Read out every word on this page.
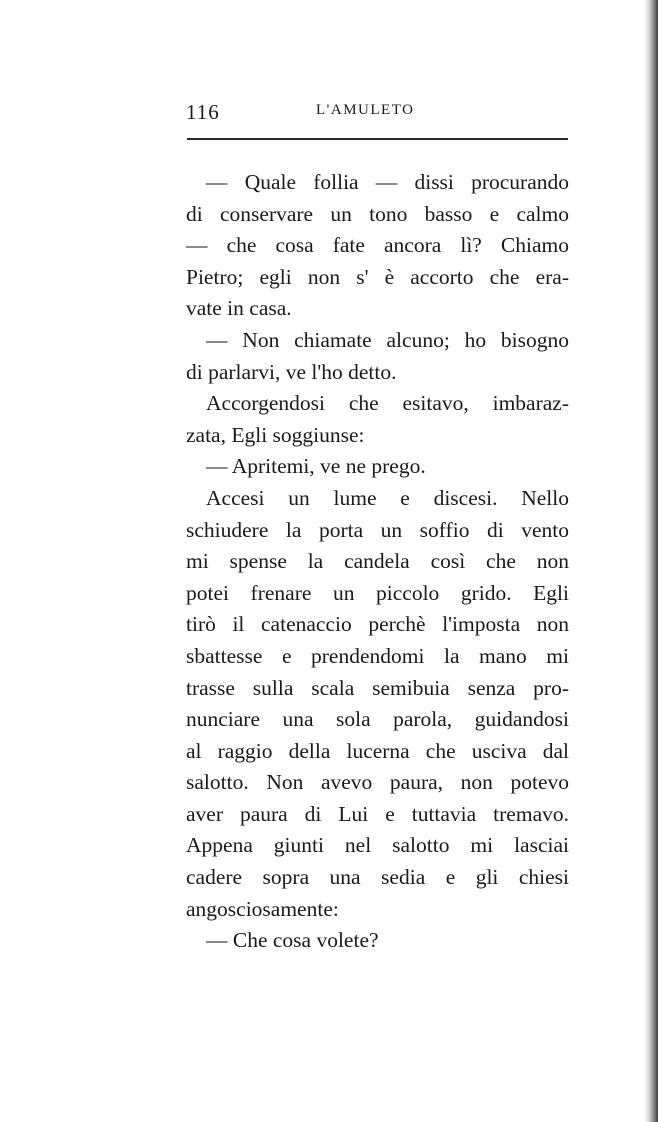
116	L'AMULETO
— Quale follia — dissi procurando
di conservare un tono basso e calmo
— che cosa fate ancora lì? Chiamo
Pietro; egli non s' è accorto che era-
vate in casa.
— Non chiamate alcuno; ho bisogno
di parlarvi, ve l'ho detto.
Accorgendosi che esitavo, imbaraz-
zata, Egli soggiunse:
— Apritemi, ve ne prego.
Accesi un lume e discesi. Nello
schiudere la porta un soffio di vento
mi spense la candela così che non
potei frenare un piccolo grido. Egli
tirò il catenaccio perchè l'imposta non
sbattesse e prendendomi la mano mi
trasse sulla scala semibuia senza pro-
nunciare una sola parola, guidandosi
al raggio della lucerna che usciva dal
salotto. Non avevo paura, non potevo
aver paura di Lui e tuttavia tremavo.
Appena giunti nel salotto mi lasciai
cadere sopra una sedia e gli chiesi
angosciosamente:
— Che cosa volete?
